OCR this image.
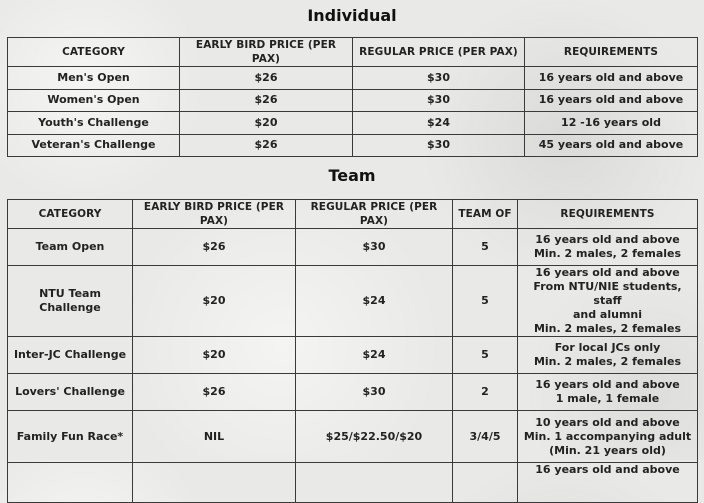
Individual
CATEGORY	EARLY BIRD PRICE (PER PAX)	REGULAR PRICE (PER PAX)	REQUIREMENTS
Men's Open	$26	$30	16 years old and above
Women's Open	$26	$30	16 years old and above
Youth's Challenge	$20	$24	12 -16 years old
Veteran's Challenge	$26	$30	45 years old and above
Team
CATEGORY	EARLY BIRD PRICE (PER PAX)	REGULAR PRICE (PER PAX)	TEAM OF	REQUIREMENTS
Team Open	$26	$30	5	16 years old and above
Min. 2 males, 2 females

NTU Team Challenge	$20	$24	5	16 years old and above
From NTU/NIE students, staff
and alumni
Min. 2 males, 2 females

Inter-JC Challenge	$20	$24	5	For local JCs only
Min. 2 males, 2 females

Lovers' Challenge	$26	$30	2	16 years old and above
1 male, 1 female

Family Fun Race*	NIL	$25/$22.50/$20	3/4/5	10 years old and above
Min. 1 accompanying adult
(Min. 21 years old)

				16 years old and above
